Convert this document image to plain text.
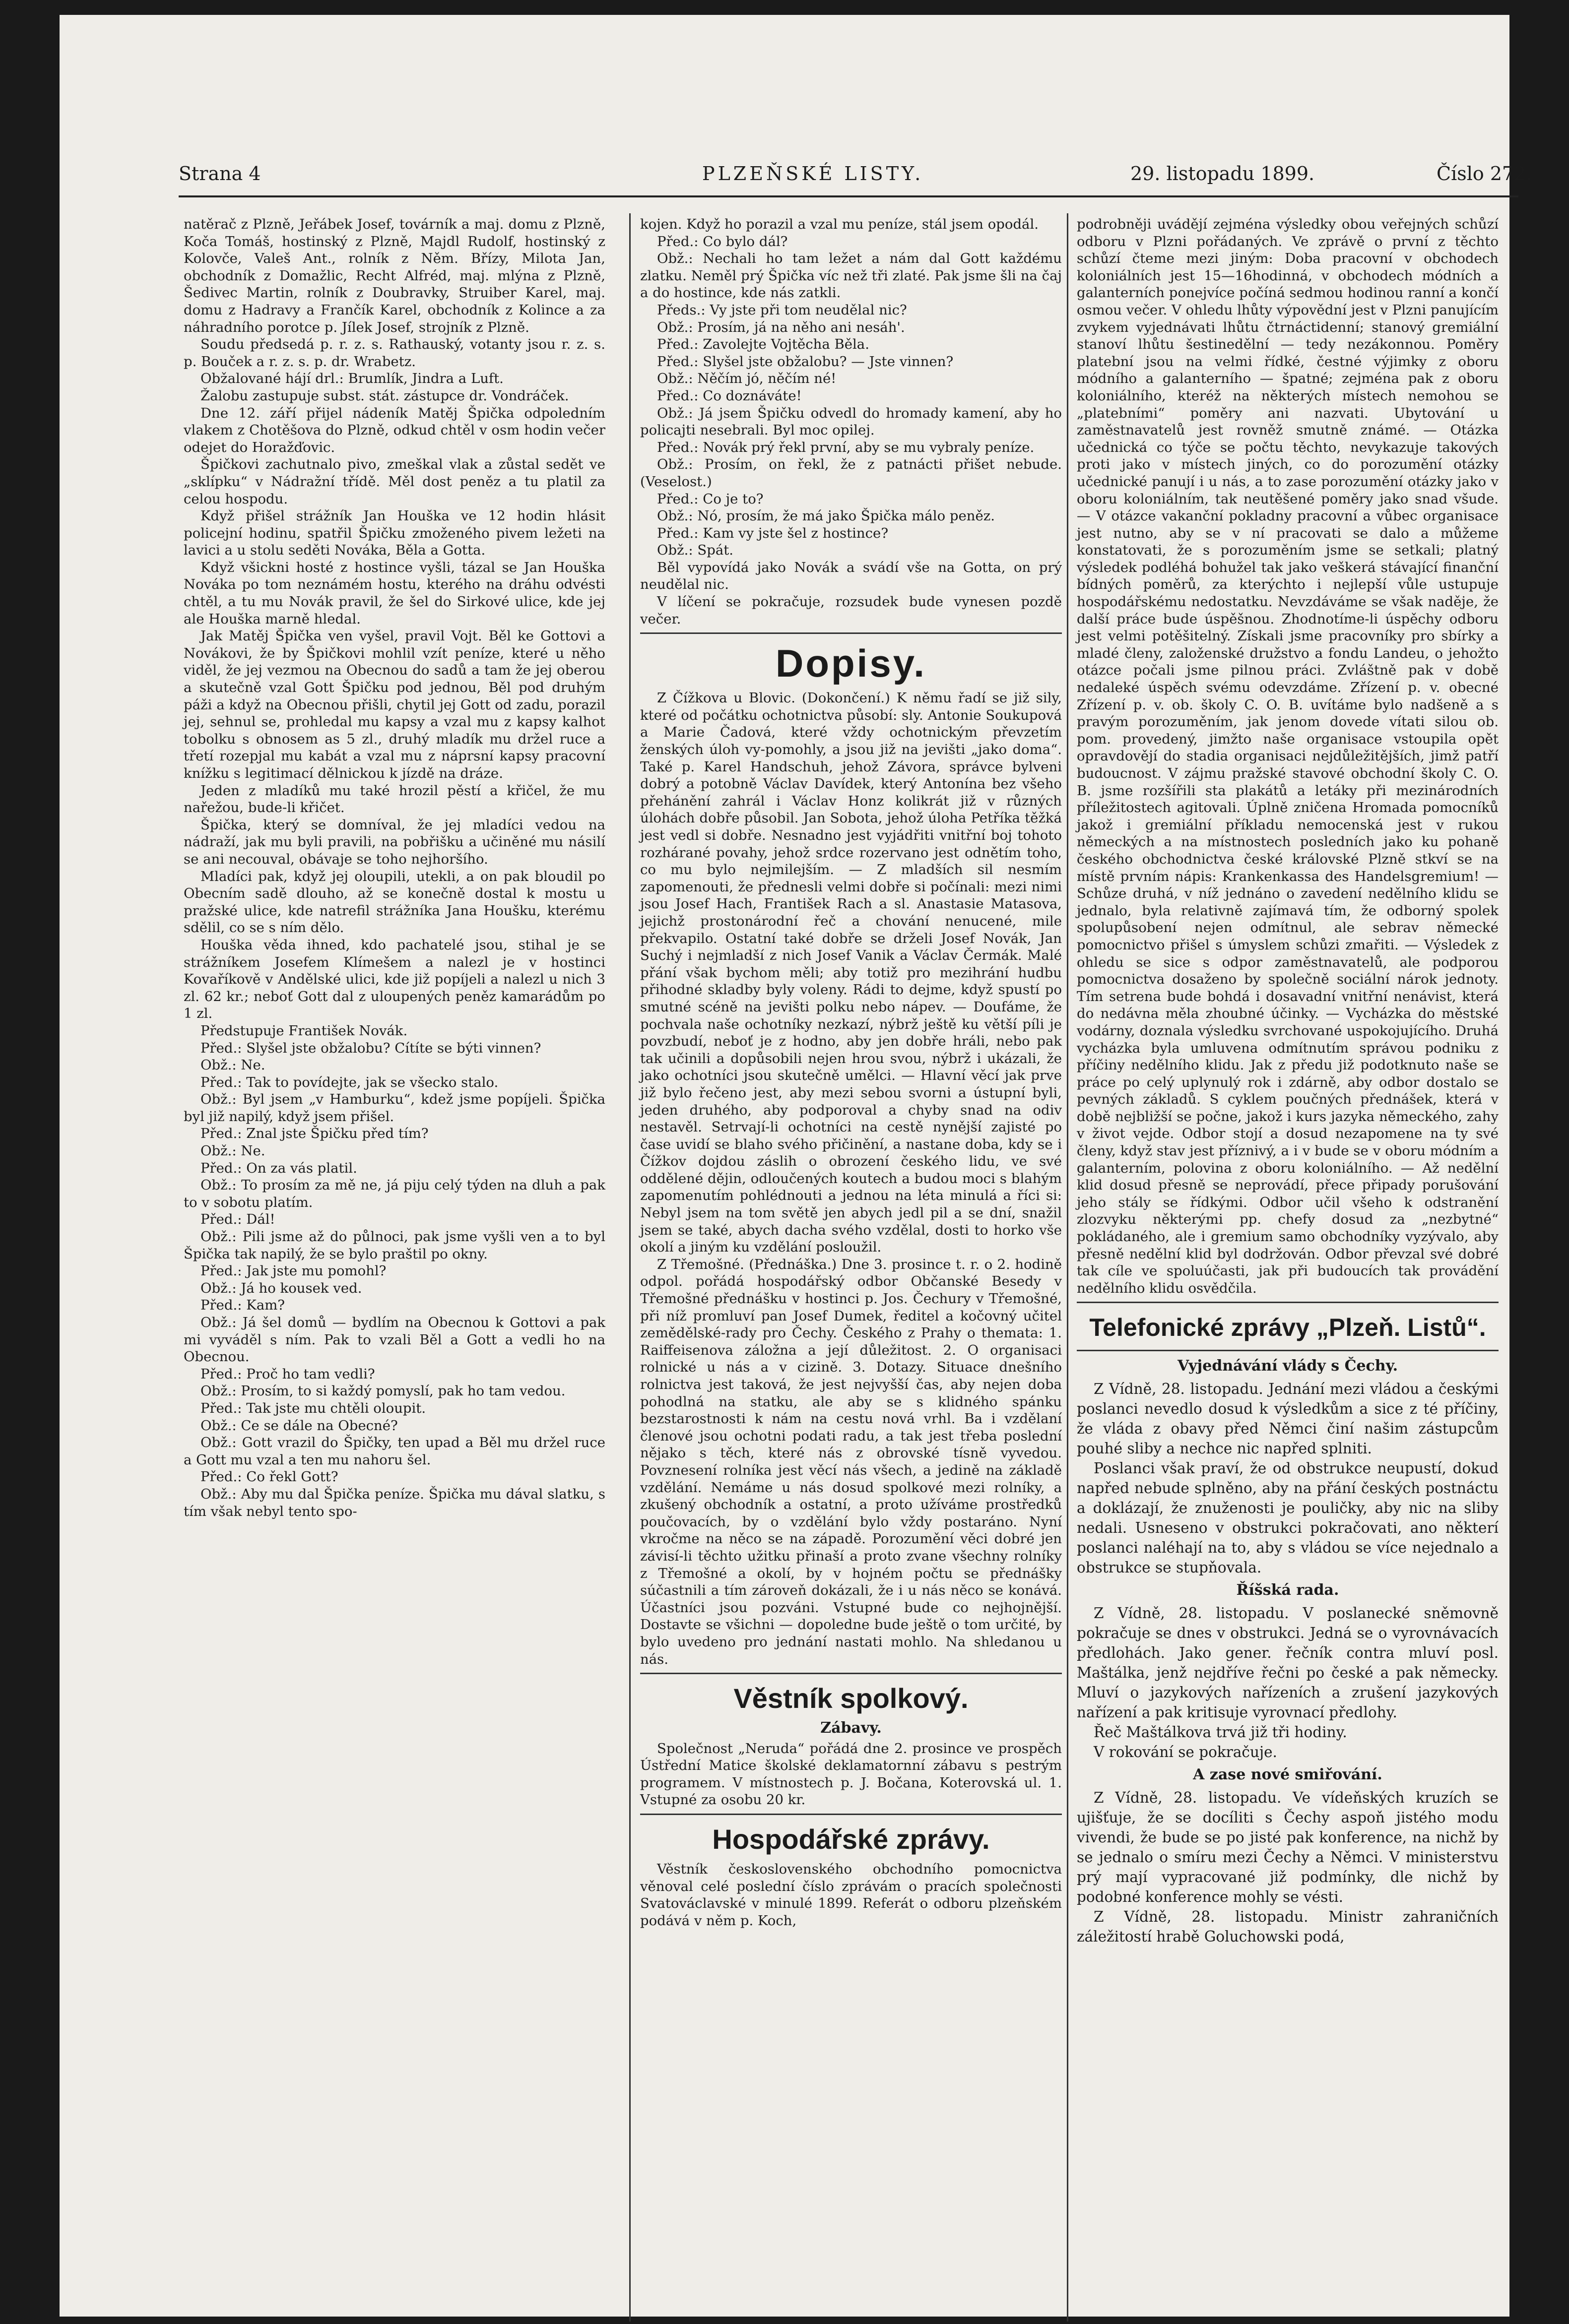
Strana 4	PLZEŇSKÉ LISTY.	29. listopadu 1899.	Číslo 272.

natěrač z Plzně, Jeřábek Josef, továrník a maj. domu z Plzně, Koča Tomáš, hostinský z Plzně, Majdl Rudolf, hostinský z Kolovče, Valeš Ant., rolník z Něm. Břízy, Milota Jan, obchodník z Domažlic, Recht Alfréd, maj. mlýna z Plzně, Šedivec Martin, rolník z Doubravky, Struiber Karel, maj. domu z Hadravy a Frančík Karel, obchodník z Kolince a za náhradního porotce p. Jílek Josef, strojník z Plzně.

Soudu předsedá p. r. z. s. Rathauský, votanty jsou r. z. s. p. Bouček a r. z. s. p. dr. Wrabetz.

Obžalované hájí drl.: Brumlík, Jindra a Luft.

Žalobu zastupuje subst. stát. zástupce dr. Vondráček.

Dne 12. září přijel nádeník Matěj Špička odpoledním vlakem z Chotěšova do Plzně, odkud chtěl v osm hodin večer odejet do Horažďovic.

Špičkovi zachutnalo pivo, zmeškal vlak a zůstal sedět ve „sklípku“ v Nádražní třídě. Měl dost peněz a tu platil za celou hospodu.

Když přišel strážník Jan Houška ve 12 hodin hlásit policejní hodinu, spatřil Špičku zmoženého pivem ležeti na lavici a u stolu seděti Nováka, Běla a Gotta.

Když všickni hosté z hostince vyšli, tázal se Jan Houška Nováka po tom neznámém hostu, kterého na dráhu odvésti chtěl, a tu mu Novák pravil, že šel do Sirkové ulice, kde jej ale Houška marně hledal.

Jak Matěj Špička ven vyšel, pravil Vojt. Běl ke Gottovi a Novákovi, že by Špičkovi mohlil vzít peníze, které u něho viděl, že jej vezmou na Obecnou do sadů a tam že jej oberou a skutečně vzal Gott Špičku pod jednou, Běl pod druhým páži a když na Obecnou přišli, chytil jej Gott od zadu, porazil jej, sehnul se, prohledal mu kapsy a vzal mu z kapsy kalhot tobolku s obnosem as 5 zl., druhý mladík mu držel ruce a třetí rozepjal mu kabát a vzal mu z náprsní kapsy pracovní knížku s legitimací dělnickou k jízdě na dráze.

Jeden z mladíků mu také hrozil pěstí a křičel, že mu nařežou, bude-li křičet.

Špička, který se domníval, že jej mladíci vedou na nádraží, jak mu byli pravili, na pobřišku a učiněné mu násilí se ani necouval, obávaje se toho nejhoršího.

Mladíci pak, když jej oloupili, utekli, a on pak bloudil po Obecním sadě dlouho, až se konečně dostal k mostu u pražské ulice, kde natrefil strážníka Jana Houšku, kterému sdělil, co se s ním dělo.

Houška věda ihned, kdo pachatelé jsou, stihal je se strážníkem Josefem Klímešem a nalezl je v hostinci Kovaříkově v Andělské ulici, kde již popíjeli a nalezl u nich 3 zl. 62 kr.; neboť Gott dal z uloupených peněz kamarádům po 1 zl.

Předstupuje František Novák.

Před.: Slyšel jste obžalobu? Cítíte se býti vinnen?

Obž.: Ne.

Před.: Tak to povídejte, jak se všecko stalo.

Obž.: Byl jsem „v Hamburku“, kdež jsme popíjeli. Špička byl již napilý, když jsem přišel.

Před.: Znal jste Špičku před tím?

Obž.: Ne.

Před.: On za vás platil.

Obž.: To prosím za mě ne, já piju celý týden na dluh a pak to v sobotu platím.

Před.: Dál!

Obž.: Pili jsme až do půlnoci, pak jsme vyšli ven a to byl Špička tak napilý, že se bylo praštil po okny.

Před.: Jak jste mu pomohl?

Obž.: Já ho kousek ved.

Před.: Kam?

Obž.: Já šel domů — bydlím na Obecnou k Gottovi a pak mi vyváděl s ním. Pak to vzali Běl a Gott a vedli ho na Obecnou.

Před.: Proč ho tam vedli?

Obž.: Prosím, to si každý pomyslí, pak ho tam vedou.

Před.: Tak jste mu chtěli oloupit.

Obž.: Ce se dále na Obecné?

Obž.: Gott vrazil do Špičky, ten upad a Běl mu držel ruce a Gott mu vzal a ten mu nahoru šel.

Před.: Co řekl Gott?

Obž.: Aby mu dal Špička peníze. Špička mu dával slatku, s tím však nebyl tento spo-

kojen. Když ho porazil a vzal mu peníze, stál jsem opodál.

Před.: Co bylo dál?

Obž.: Nechali ho tam ležet a nám dal Gott každému zlatku. Neměl prý Špička víc než tři zlaté. Pak jsme šli na čaj a do hostince, kde nás zatkli.

Předs.: Vy jste při tom neudělal nic?

Obž.: Prosím, já na něho ani nesáh'.

Před.: Zavolejte Vojtěcha Běla.

Před.: Slyšel jste obžalobu? — Jste vinnen?

Obž.: Něčím jó, něčím né!

Před.: Co doznáváte!

Obž.: Já jsem Špičku odvedl do hromady kamení, aby ho policajti nesebrali. Byl moc opilej.

Před.: Novák prý řekl první, aby se mu vybraly peníze.

Obž.: Prosím, on řekl, že z patnácti přišet nebude. (Veselost.)

Před.: Co je to?

Obž.: Nó, prosím, že má jako Špička málo peněz.

Před.: Kam vy jste šel z hostince?

Obž.: Spát.

Běl vypovídá jako Novák a svádí vše na Gotta, on prý neudělal nic.

V líčení se pokračuje, rozsudek bude vynesen pozdě večer.

Dopisy.

Z Čížkova u Blovic. (Dokončení.) K němu řadí se již sily, které od počátku ochotnictva působí: sly. Antonie Soukupová a Marie Čadová, které vždy ochotnickým převzetím ženských úloh vy-pomohly, a jsou již na jevišti „jako doma“. Také p. Karel Handschuh, jehož Závora, správce bylveni dobrý a potobně Václav Davídek, který Antonína bez všeho přehánění zahrál i Václav Honz kolikrát již v různých úlohách dobře působil. Jan Sobota, jehož úloha Petříka těžká jest vedl si dobře. Nesnadno jest vyjádřiti vnitřní boj tohoto rozhárané povahy, jehož srdce rozervano jest odnětím toho, co mu bylo nejmilejším. — Z mladších sil nesmím zapomenouti, že přednesli velmi dobře si počínali: mezi nimi jsou Josef Hach, František Rach a sl. Anastasie Matasova, jejichž prostonárodní řeč a chování nenucené, mile překvapilo. Ostatní také dobře se drželi Josef Novák, Jan Suchý i nejmladší z nich Josef Vanik a Václav Čermák. Malé přání však bychom měli; aby totiž pro mezihrání hudbu přihodné skladby byly voleny. Rádi to dejme, když spustí po smutné scéně na jevišti polku nebo nápev. — Doufáme, že pochvala naše ochotníky nezkazí, nýbrž ještě ku větší píli je povzbudí, neboť je z hodno, aby jen dobře hráli, nebo pak tak učinili a dopůsobili nejen hrou svou, nýbrž i ukázali, že jako ochotníci jsou skutečně umělci. — Hlavní věcí jak prve již bylo řečeno jest, aby mezi sebou svorni a ústupní byli, jeden druhého, aby podporoval a chyby snad na odiv nestavěl. Setrvají-li ochotníci na cestě nynější zajisté po čase uvidí se blaho svého přičinění, a nastane doba, kdy se i Čížkov dojdou záslih o obrození českého lidu, ve své oddělené dějin, odloučených koutech a budou moci s blahým zapomenutím pohlédnouti a jednou na léta minulá a říci si: Nebyl jsem na tom světě jen abych jedl pil a se dní, snažil jsem se také, abych dacha svého vzdělal, dosti to horko vše okolí a jiným ku vzdělání posloužil.

Z Třemošné. (Přednáška.) Dne 3. prosince t. r. o 2. hodině odpol. pořádá hospodářský odbor Občanské Besedy v Třemošné přednášku v hostinci p. Jos. Čechury v Třemošné, při níž promluví pan Josef Dumek, ředitel a kočovný učitel zemědělské-rady pro Čechy. Českého z Prahy o themata: 1. Raiffeisenova záložna a její důležitost. 2. O organisaci rolnické u nás a v cizině. 3. Dotazy. Situace dnešního rolnictva jest taková, že jest nejvyšší čas, aby nejen doba pohodlná na statku, ale aby se s klidného spánku bezstarostnosti k nám na cestu nová vrhl. Ba i vzdělaní členové jsou ochotni podati radu, a tak jest třeba poslední nějako s těch, které nás z obrovské tísně vyvedou. Povznesení rolníka jest věcí nás všech, a jedině na základě vzdělání. Nemáme u nás dosud spolkové mezi rolníky, a zkušený obchodník a ostatní, a proto užíváme prostředků poučovacích, by o vzdělání bylo vždy postaráno. Nyní vkročme na něco se na západě. Porozumění věci dobré jen závisí-li těchto užitku přinaší a proto zvane všechny rolníky z Třemošné a okolí, by v hojném počtu se přednášky súčastnili a tím zároveň dokázali, že i u nás něco se konává. Účastníci jsou pozváni. Vstupné bude co nejhojnější. Dostavte se všichni — dopoledne bude ještě o tom určité, by bylo uvedeno pro jednání nastati mohlo. Na shledanou u nás.

Věstník spolkový.
Zábavy.

Společnost „Neruda“ pořádá dne 2. prosince ve prospěch Ústřední Matice školské deklamatornní zábavu s pestrým programem. V místnostech p. J. Bočana, Koterovská ul. 1. Vstupné za osobu 20 kr.

Hospodářské zprávy.

Věstník československého obchodního pomocnictva věnoval celé poslední číslo zprávám o pracích společnosti Svatováclavské v minulé 1899. Referát o odboru plzeňském podává v něm p. Koch,

podrobněji uvádějí zejména výsledky obou veřejných schůzí odboru v Plzni pořádaných. Ve zprávě o první z těchto schůzí čteme mezi jiným: Doba pracovní v obchodech koloniálních jest 15—16hodinná, v obchodech módních a galanterních ponejvíce počíná sedmou hodinou ranní a končí osmou večer. V ohledu lhůty výpovědní jest v Plzni panujícím zvykem vyjednávati lhůtu čtrnáctidenní; stanový gremiální stanoví lhůtu šestinedělní — tedy nezákonnou. Poměry platební jsou na velmi řídké, čestné výjimky z oboru módního a galanterního — špatné; zejména pak z oboru koloniálního, kteréž na některých místech nemohou se „platebními“ poměry ani nazvati. Ubytování u zaměstnavatelů jest rovněž smutně známé. — Otázka učednická co týče se počtu těchto, nevykazuje takových proti jako v místech jiných, co do porozumění otázky učednické panují i u nás, a to zase porozumění otázky jako v oboru koloniálním, tak neutěšené poměry jako snad všude. — V otázce vakanční pokladny pracovní a vůbec organisace jest nutno, aby se v ní pracovati se dalo a můžeme konstatovati, že s porozuměním jsme se setkali; platný výsledek podléhá bohužel tak jako veškerá stávající finanční bídných poměrů, za kterýchto i nejlepší vůle ustupuje hospodářskému nedostatku. Nevzdáváme se však naděje, že další práce bude úspěšnou. Zhodnotíme-li úspěchy odboru jest velmi potěšitelný. Získali jsme pracovníky pro sbírky a mladé členy, založenské družstvo a fondu Landeu, o jehožto otázce počali jsme pilnou práci. Zvláštně pak v době nedaleké úspěch svému odevzdáme. Zřízení p. v. obecné Zřízení p. v. ob. školy C. O. B. uvítáme bylo nadšeně a s pravým porozuměním, jak jenom dovede vítati silou ob. pom. provedený, jimžto naše organisace vstoupila opět opravdovějí do stadia organisaci nejdůležitějších, jimž patří budoucnost. V zájmu pražské stavové obchodní školy C. O. B. jsme rozšířili sta plakátů a letáky při mezinárodních příležitostech agitovali. Úplně zničena Hromada pomocníků jakož i gremiální příkladu nemocenská jest v rukou německých a na místnostech posledních jako ku pohaně českého obchodnictva české královské Plzně stkví se na místě prvním nápis: Krankenkassa des Handelsgremium! — Schůze druhá, v níž jednáno o zavedení nedělního klidu se jednalo, byla relativně zajímavá tím, že odborný spolek spolupůsobení nejen odmítnul, ale sebrav německé pomocnictvo přišel s úmyslem schůzi zmařiti. — Výsledek z ohledu se sice s odpor zaměstnavatelů, ale podporou pomocnictva dosaženo by společně sociální nárok jednoty. Tím setrena bude bohdá i dosavadní vnitřní nenávist, která do nedávna měla zhoubné účinky. — Vycházka do městské vodárny, doznala výsledku svrchované uspokojujícího. Druhá vycházka byla umluvena odmítnutím správou podniku z příčiny nedělního klidu. Jak z předu již podotknuto naše se práce po celý uplynulý rok i zdárně, aby odbor dostalo se pevných základů. S cyklem poučných přednášek, která v době nejbližší se počne, jakož i kurs jazyka německého, zahy v život vejde. Odbor stojí a dosud nezapomene na ty své členy, když stav jest příznivý, a i v bude se v oboru módním a galanterním, polovina z oboru koloniálního. — Až nedělní klid dosud přesně se neprovádí, přece připady porušování jeho stály se řídkými. Odbor učil všeho k odstranění zlozvyku některými pp. chefy dosud za „nezbytné“ pokládaného, ale i gremium samo obchodníky vyzývalo, aby přesně nedělní klid byl dodržován. Odbor převzal své dobré tak cíle ve spoluúčasti, jak při budoucích tak provádění nedělního klidu osvědčila.

Telefonické zprávy „Plzeň. Listů“.
Vyjednávání vlády s Čechy.

Z Vídně, 28. listopadu. Jednání mezi vládou a českými poslanci nevedlo dosud k výsledkům a sice z té příčiny, že vláda z obavy před Němci činí našim zástupcům pouhé sliby a nechce nic napřed splniti.

Poslanci však praví, že od obstrukce neupustí, dokud napřed nebude splněno, aby na přání českých postnáctu a doklázají, že znuženosti je pouličky, aby nic na sliby nedali. Usneseno v obstrukci pokračovati, ano některí poslanci naléhají na to, aby s vládou se více nejednalo a obstrukce se stupňovala.

Říšská rada.

Z Vídně, 28. listopadu. V poslanecké sněmovně pokračuje se dnes v obstrukci. Jedná se o vyrovnávacích předlohách. Jako gener. řečník contra mluví posl. Maštálka, jenž nejdříve řečni po české a pak německy. Mluví o jazykových nařízeních a zrušení jazykových nařízení a pak kritisuje vyrovnací předlohy.

Řeč Maštálkova trvá již tři hodiny.

V rokování se pokračuje.

A zase nové smiřování.

Z Vídně, 28. listopadu. Ve vídeňských kruzích se ujišťuje, že se docíliti s Čechy aspoň jistého modu vivendi, že bude se po jisté pak konference, na nichž by se jednalo o smíru mezi Čechy a Němci. V ministerstvu prý mají vypracované již podmínky, dle nichž by podobné konference mohly se vésti.

Z Vídně, 28. listopadu. Ministr zahraničních záležitostí hrabě Goluchowski podá,
